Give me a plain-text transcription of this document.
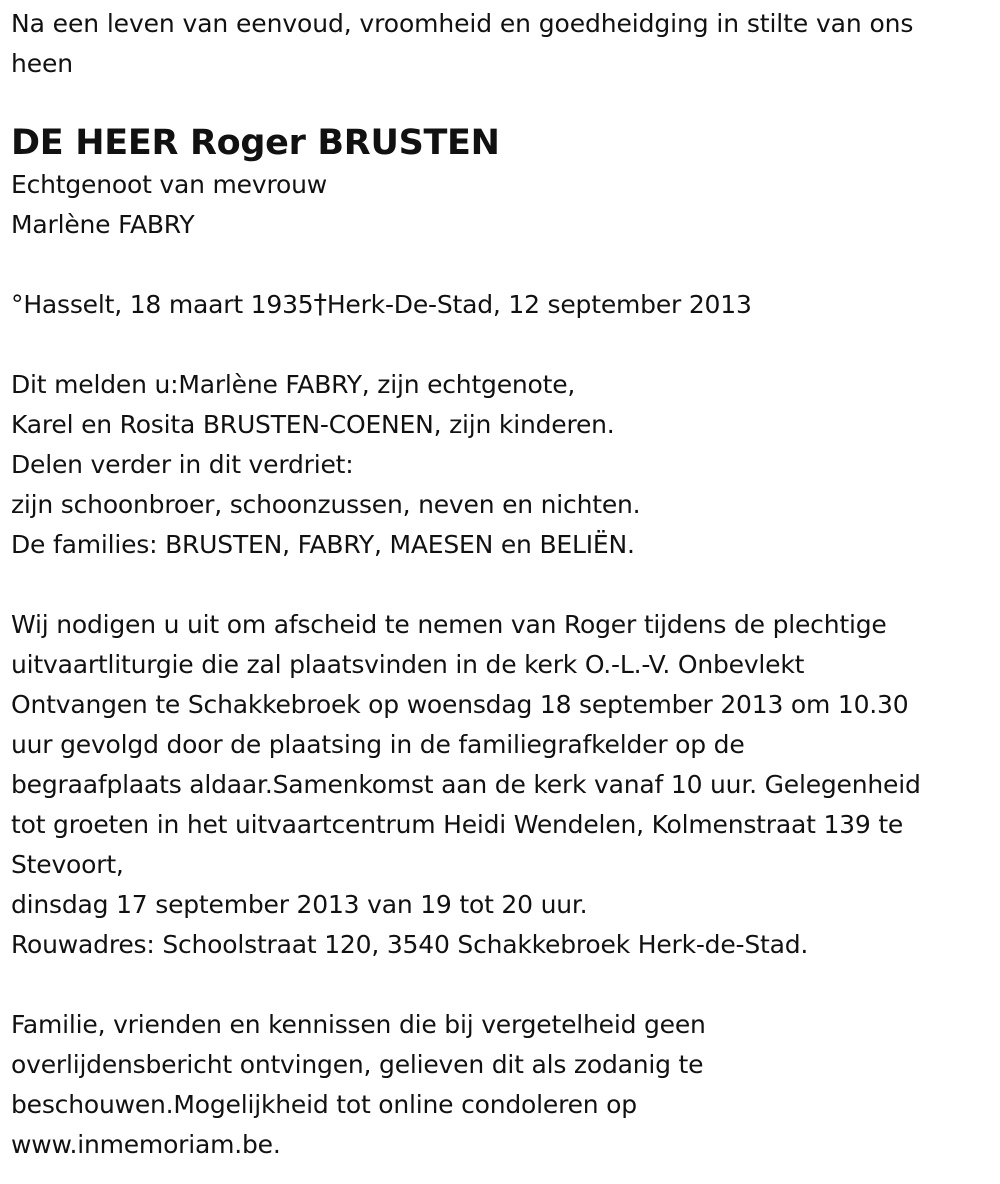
Na een leven van eenvoud, vroomheid en goedheidging in stilte van ons
heen
DE HEER Roger BRUSTEN
Echtgenoot van mevrouw
Marlène FABRY
°Hasselt, 18 maart 1935†Herk-De-Stad, 12 september 2013
Dit melden u:Marlène FABRY, zijn echtgenote,
Karel en Rosita BRUSTEN-COENEN, zijn kinderen.
Delen verder in dit verdriet:
zijn schoonbroer, schoonzussen, neven en nichten.
De families: BRUSTEN, FABRY, MAESEN en BELIËN.
Wij nodigen u uit om afscheid te nemen van Roger tijdens de plechtige
uitvaartliturgie die zal plaatsvinden in de kerk O.-L.-V. Onbevlekt
Ontvangen te Schakkebroek op woensdag 18 september 2013 om 10.30
uur gevolgd door de plaatsing in de familiegrafkelder op de
begraafplaats aldaar.Samenkomst aan de kerk vanaf 10 uur. Gelegenheid
tot groeten in het uitvaartcentrum Heidi Wendelen, Kolmenstraat 139 te
Stevoort,
dinsdag 17 september 2013 van 19 tot 20 uur.
Rouwadres: Schoolstraat 120, 3540 Schakkebroek Herk-de-Stad.
Familie, vrienden en kennissen die bij vergetelheid geen
overlijdensbericht ontvingen, gelieven dit als zodanig te
beschouwen.Mogelijkheid tot online condoleren op
www.inmemoriam.be.
